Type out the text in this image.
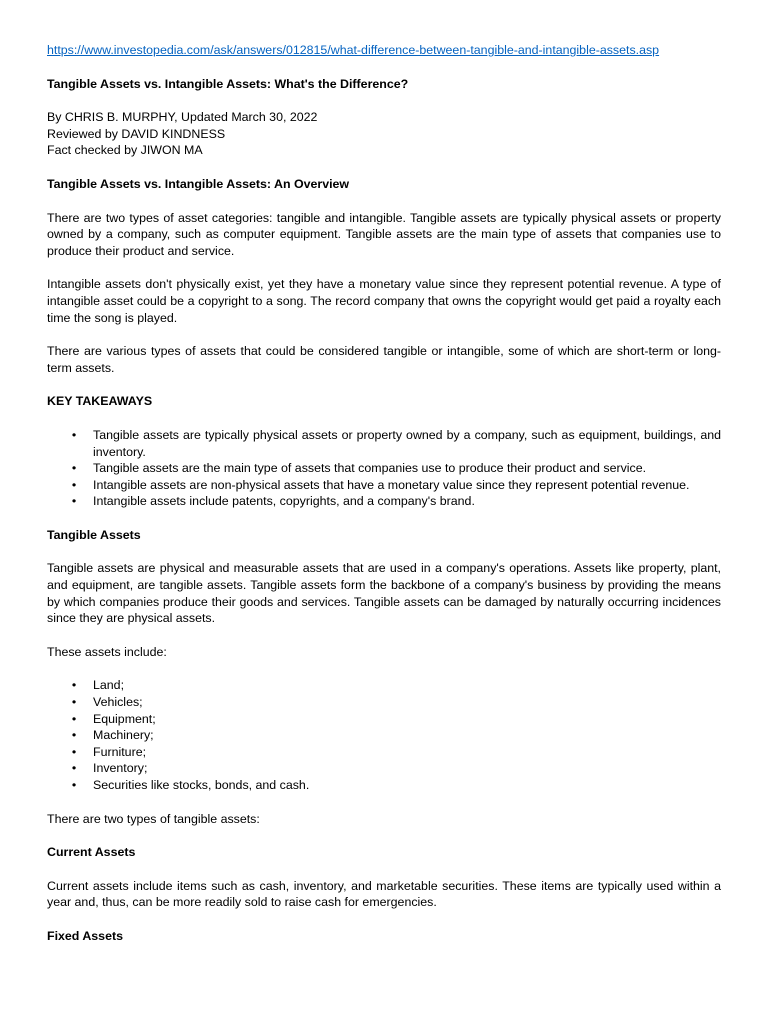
https://www.investopedia.com/ask/answers/012815/what-difference-between-tangible-and-intangible-assets.asp

Tangible Assets vs. Intangible Assets: What's the Difference?

By CHRIS B. MURPHY, Updated March 30, 2022

Reviewed by DAVID KINDNESS

Fact checked by JIWON MA

Tangible Assets vs. Intangible Assets: An Overview

There are two types of asset categories: tangible and intangible. Tangible assets are typically physical assets or property owned by a company, such as computer equipment. Tangible assets are the main type of assets that companies use to produce their product and service.

Intangible assets don't physically exist, yet they have a monetary value since they represent potential revenue. A type of intangible asset could be a copyright to a song. The record company that owns the copyright would get paid a royalty each time the song is played.

There are various types of assets that could be considered tangible or intangible, some of which are short-term or long-term assets.

KEY TAKEAWAYS

• Tangible assets are typically physical assets or property owned by a company, such as equipment, buildings, and inventory.
• Tangible assets are the main type of assets that companies use to produce their product and service.
• Intangible assets are non-physical assets that have a monetary value since they represent potential revenue.
• Intangible assets include patents, copyrights, and a company's brand.

Tangible Assets

Tangible assets are physical and measurable assets that are used in a company's operations. Assets like property, plant, and equipment, are tangible assets. Tangible assets form the backbone of a company's business by providing the means by which companies produce their goods and services. Tangible assets can be damaged by naturally occurring incidences since they are physical assets.

These assets include:

• Land;
• Vehicles;
• Equipment;
• Machinery;
• Furniture;
• Inventory;
• Securities like stocks, bonds, and cash.

There are two types of tangible assets:

Current Assets

Current assets include items such as cash, inventory, and marketable securities. These items are typically used within a year and, thus, can be more readily sold to raise cash for emergencies.

Fixed Assets
